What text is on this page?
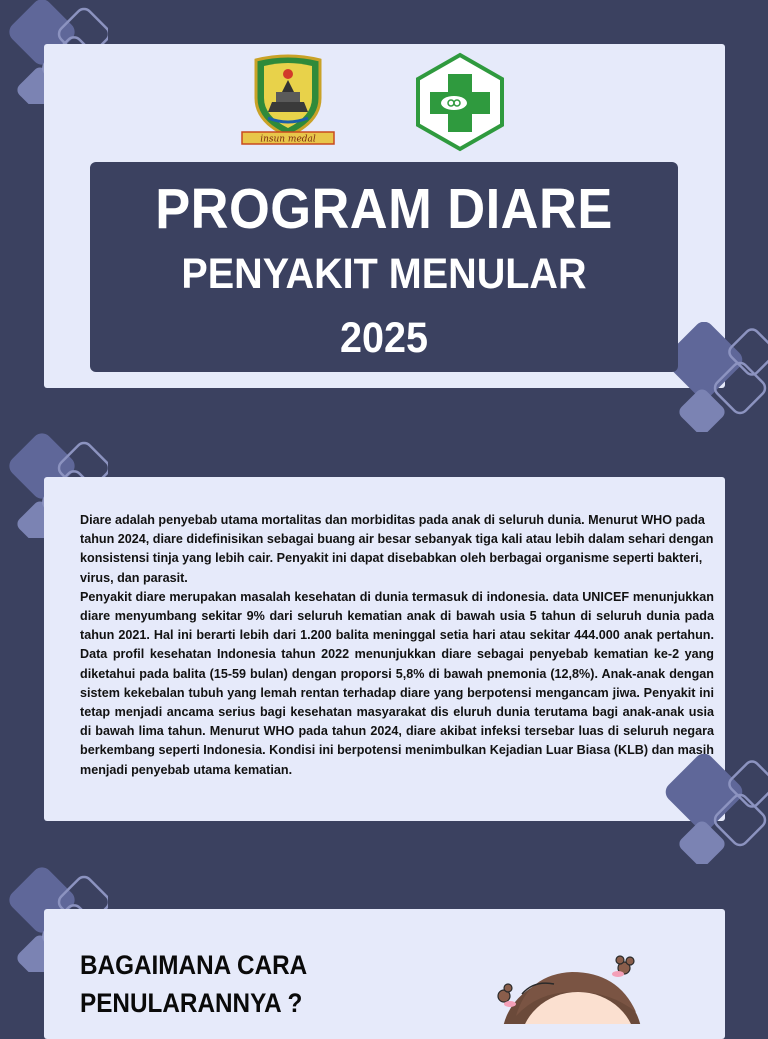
insun medal
PROGRAM DIARE
PENYAKIT MENULAR
2025

Diare adalah penyebab utama mortalitas dan morbiditas pada anak di seluruh dunia. Menurut WHO pada tahun 2024, diare didefinisikan sebagai buang air besar sebanyak tiga kali atau lebih dalam sehari dengan konsistensi tinja yang lebih cair. Penyakit ini dapat disebabkan oleh berbagai organisme seperti bakteri, virus, dan parasit.

Penyakit diare merupakan masalah kesehatan di dunia termasuk di indonesia. data UNICEF menunjukkan diare menyumbang sekitar 9% dari seluruh kematian anak di bawah usia 5 tahun di seluruh dunia pada tahun 2021. Hal ini berarti lebih dari 1.200 balita meninggal setia hari atau sekitar 444.000 anak pertahun. Data profil kesehatan Indonesia tahun 2022 menunjukkan diare sebagai penyebab kematian ke-2 yang diketahui pada balita (15-59 bulan) dengan proporsi 5,8% di bawah pnemonia (12,8%). Anak-anak dengan sistem kekebalan tubuh yang lemah rentan terhadap diare yang berpotensi mengancam jiwa. Penyakit ini tetap menjadi ancama serius bagi kesehatan masyarakat dis eluruh dunia terutama bagi anak-anak usia di bawah lima tahun. Menurut WHO pada tahun 2024, diare akibat infeksi tersebar luas di seluruh negara berkembang seperti Indonesia. Kondisi ini berpotensi menimbulkan Kejadian Luar Biasa (KLB) dan masih menjadi penyebab utama kematian.

BAGAIMANA CARA
PENULARANNYA ?
